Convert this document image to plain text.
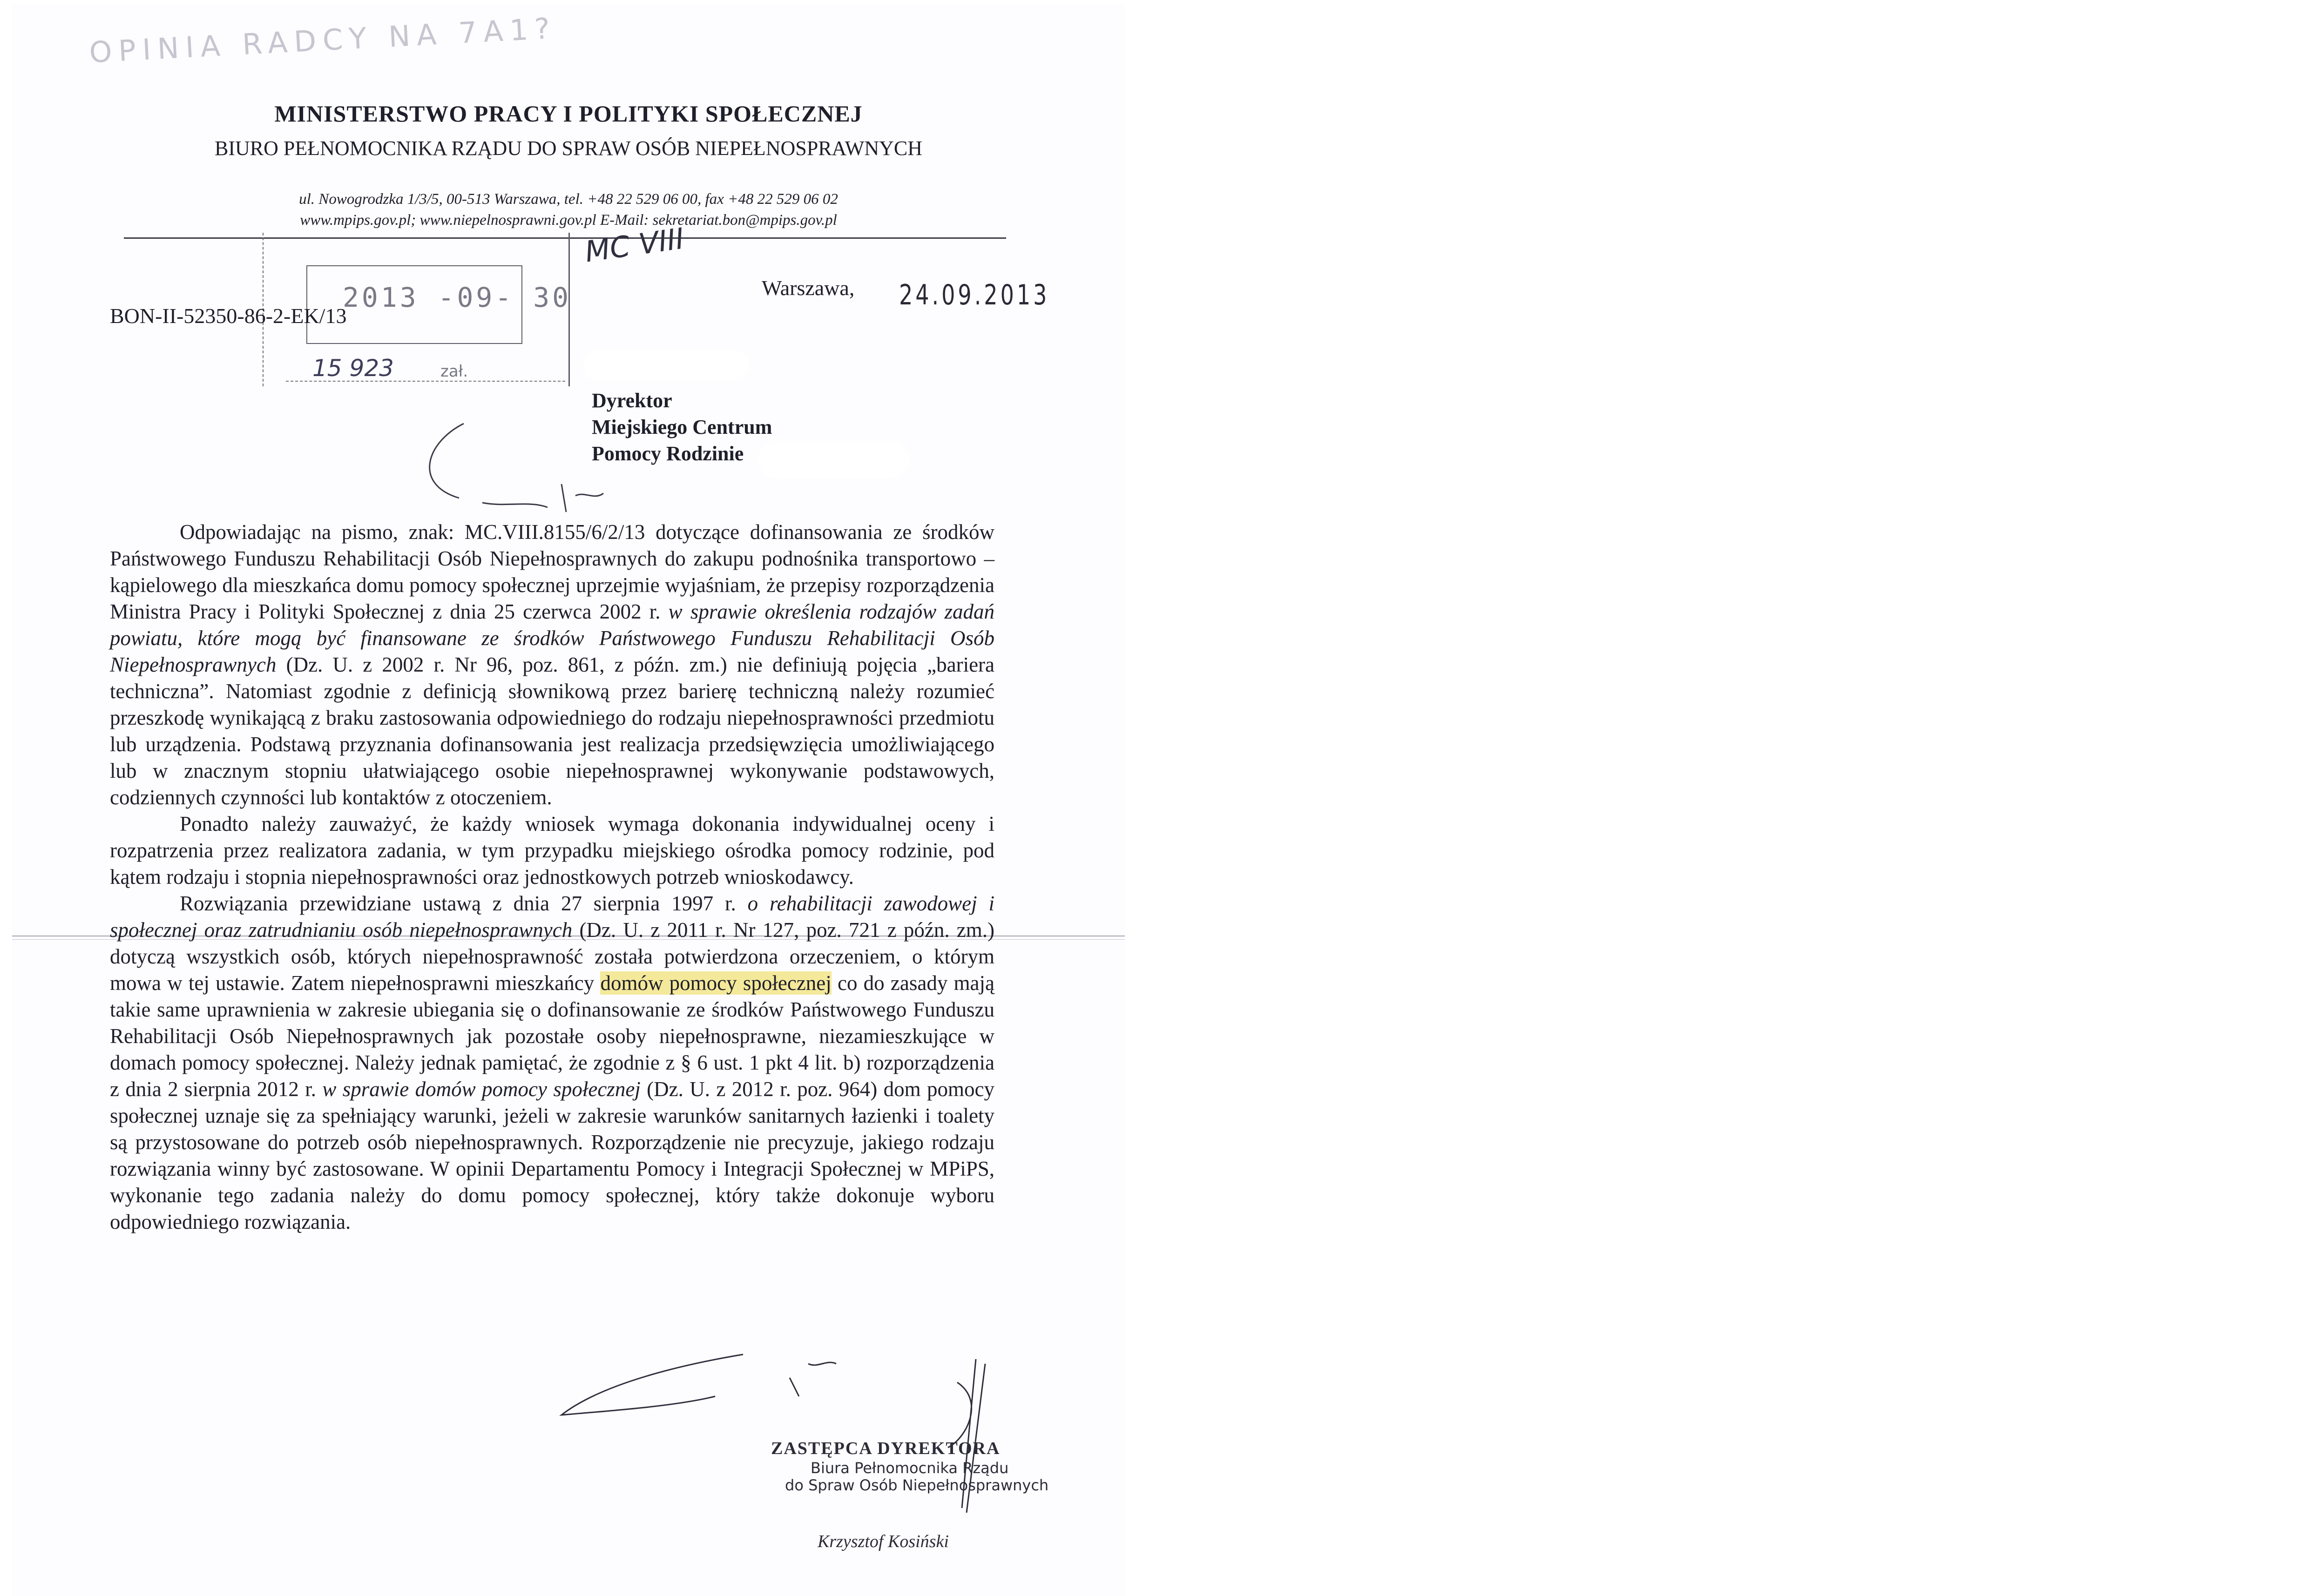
OPINIA RADCY NA 7A1?
MINISTERSTWO PRACY I POLITYKI SPOŁECZNEJ
BIURO PEŁNOMOCNIKA RZĄDU DO SPRAW OSÓB NIEPEŁNOSPRAWNYCH
ul. Nowogrodzka 1/3/5, 00-513 Warszawa, tel. +48 22 529 06 00, fax +48 22 529 06 02
www.mpips.gov.pl; www.niepelnosprawni.gov.pl E-Mail: sekretariat.bon@mpips.gov.pl
2013 -09- 30
15 923	zał.
BON-II-52350-86-2-EK/13
MC VIII
Warszawa, 24.09.2013
Dyrektor
Miejskiego Centrum
Pomocy Rodzinie

Odpowiadając na pismo, znak: MC.VIII.8155/6/2/13 dotyczące dofinansowania ze środków Państwowego Funduszu Rehabilitacji Osób Niepełnosprawnych do zakupu podnośnika transportowo – kąpielowego dla mieszkańca domu pomocy społecznej uprzejmie wyjaśniam, że przepisy rozporządzenia Ministra Pracy i Polityki Społecznej z dnia 25 czerwca 2002 r. w sprawie określenia rodzajów zadań powiatu, które mogą być finansowane ze środków Państwowego Funduszu Rehabilitacji Osób Niepełnosprawnych (Dz. U. z 2002 r. Nr 96, poz. 861, z późn. zm.) nie definiują pojęcia „bariera techniczna”. Natomiast zgodnie z definicją słownikową przez barierę techniczną należy rozumieć przeszkodę wynikającą z braku zastosowania odpowiedniego do rodzaju niepełnosprawności przedmiotu lub urządzenia. Podstawą przyznania dofinansowania jest realizacja przedsięwzięcia umożliwiającego lub w znacznym stopniu ułatwiającego osobie niepełnosprawnej wykonywanie podstawowych, codziennych czynności lub kontaktów z otoczeniem.

Ponadto należy zauważyć, że każdy wniosek wymaga dokonania indywidualnej oceny i rozpatrzenia przez realizatora zadania, w tym przypadku miejskiego ośrodka pomocy rodzinie, pod kątem rodzaju i stopnia niepełnosprawności oraz jednostkowych potrzeb wnioskodawcy.

Rozwiązania przewidziane ustawą z dnia 27 sierpnia 1997 r. o rehabilitacji zawodowej i społecznej oraz zatrudnianiu osób niepełnosprawnych (Dz. U. z 2011 r. Nr 127, poz. 721 z późn. zm.) dotyczą wszystkich osób, których niepełnosprawność została potwierdzona orzeczeniem, o którym mowa w tej ustawie. Zatem niepełnosprawni mieszkańcy domów pomocy społecznej co do zasady mają takie same uprawnienia w zakresie ubiegania się o dofinansowanie ze środków Państwowego Funduszu Rehabilitacji Osób Niepełnosprawnych jak pozostałe osoby niepełnosprawne, niezamieszkujące w domach pomocy społecznej. Należy jednak pamiętać, że zgodnie z § 6 ust. 1 pkt 4 lit. b) rozporządzenia z dnia 2 sierpnia 2012 r. w sprawie domów pomocy społecznej (Dz. U. z 2012 r. poz. 964) dom pomocy społecznej uznaje się za spełniający warunki, jeżeli w zakresie warunków sanitarnych łazienki i toalety są przystosowane do potrzeb osób niepełnosprawnych. Rozporządzenie nie precyzuje, jakiego rodzaju rozwiązania winny być zastosowane. W opinii Departamentu Pomocy i Integracji Społecznej w MPiPS, wykonanie tego zadania należy do domu pomocy społecznej, który także dokonuje wyboru odpowiedniego rozwiązania.

ZASTĘPCA DYREKTORA
Biura Pełnomocnika Rządu
do Spraw Osób Niepełnosprawnych
Krzysztof Kosiński
